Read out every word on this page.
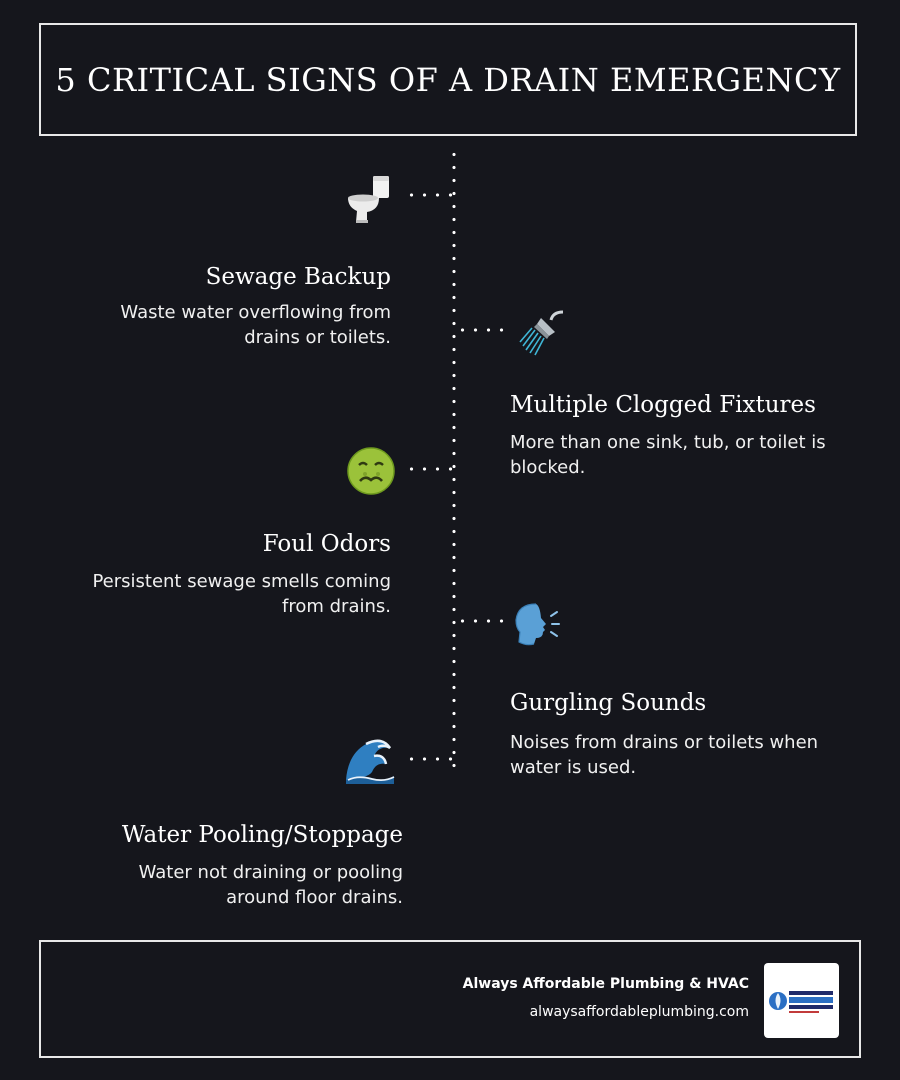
5 CRITICAL SIGNS OF A DRAIN EMERGENCY
Sewage Backup
Waste water overflowing from drains or toilets.
Multiple Clogged Fixtures
More than one sink, tub, or toilet is blocked.
Foul Odors
Persistent sewage smells coming from drains.
Gurgling Sounds
Noises from drains or toilets when water is used.
Water Pooling/Stoppage
Water not draining or pooling around floor drains.
Always Affordable Plumbing & HVAC
alwaysaffordableplumbing.com
